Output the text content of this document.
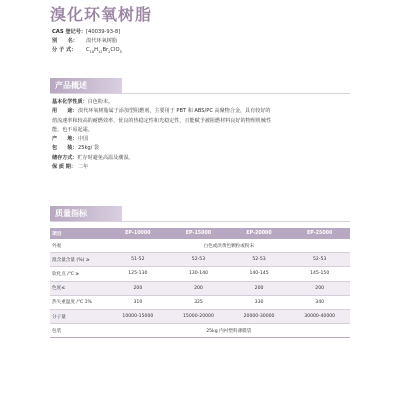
溴化环氧树脂
CAS 登记号：[40039-93-8]
别　　名： 溴代环氧树脂
分 子 式： $C_{18}H_{12}Br_2ClO_5$
产品概述

基本化学性质：白色粉末。

用　　途：溴代环氧树脂属于添加型阻燃剂，主要用于 PBT 和 ABS/PC 高聚物合金，具有较好的

熔流速率和较高的耐燃效率，优良的热稳定性和光稳定性，且能赋予被阻燃材料良好的物理机械性

能，也不易起霜。

产　　地：中国

包　　装：25kg/ 袋

储存方式：贮存时避免高温及潮湿。

保 质 期： 二年

质量指标
项目	EP-10000	EP-15000	EP-20000	EP-25000
外观	白色或淡黄色颗粒或粉末			
溴含量含量 (%) ≥	51-52	52-53	52-53	52-53
软化点 /℃ ≥	125-130	130-140	140-145	145-150
色度≤	200	200	200	200
热失重温度 /℃ 1%	310	325	330	340
分子量	10000-15000	15000-20000	20000-30000	30000-40000
包装	25kg 内衬塑料薄膜袋			
